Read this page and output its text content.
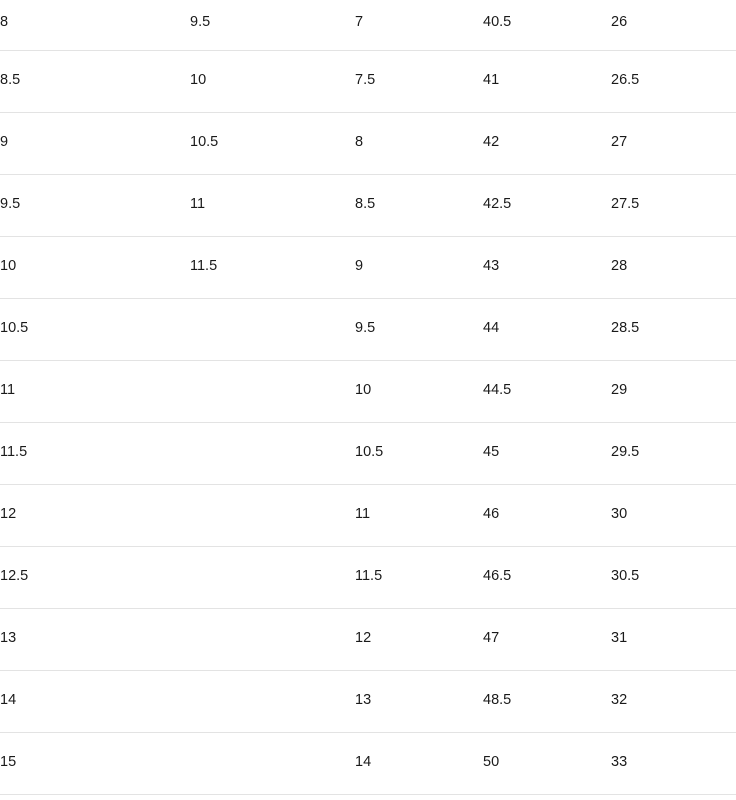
8	9.5	7	40.5	26
8.5	10	7.5	41	26.5
9	10.5	8	42	27
9.5	11	8.5	42.5	27.5
10	11.5	9	43	28
10.5		9.5	44	28.5
11		10	44.5	29
11.5		10.5	45	29.5
12		11	46	30
12.5		11.5	46.5	30.5
13		12	47	31
14		13	48.5	32
15		14	50	33
